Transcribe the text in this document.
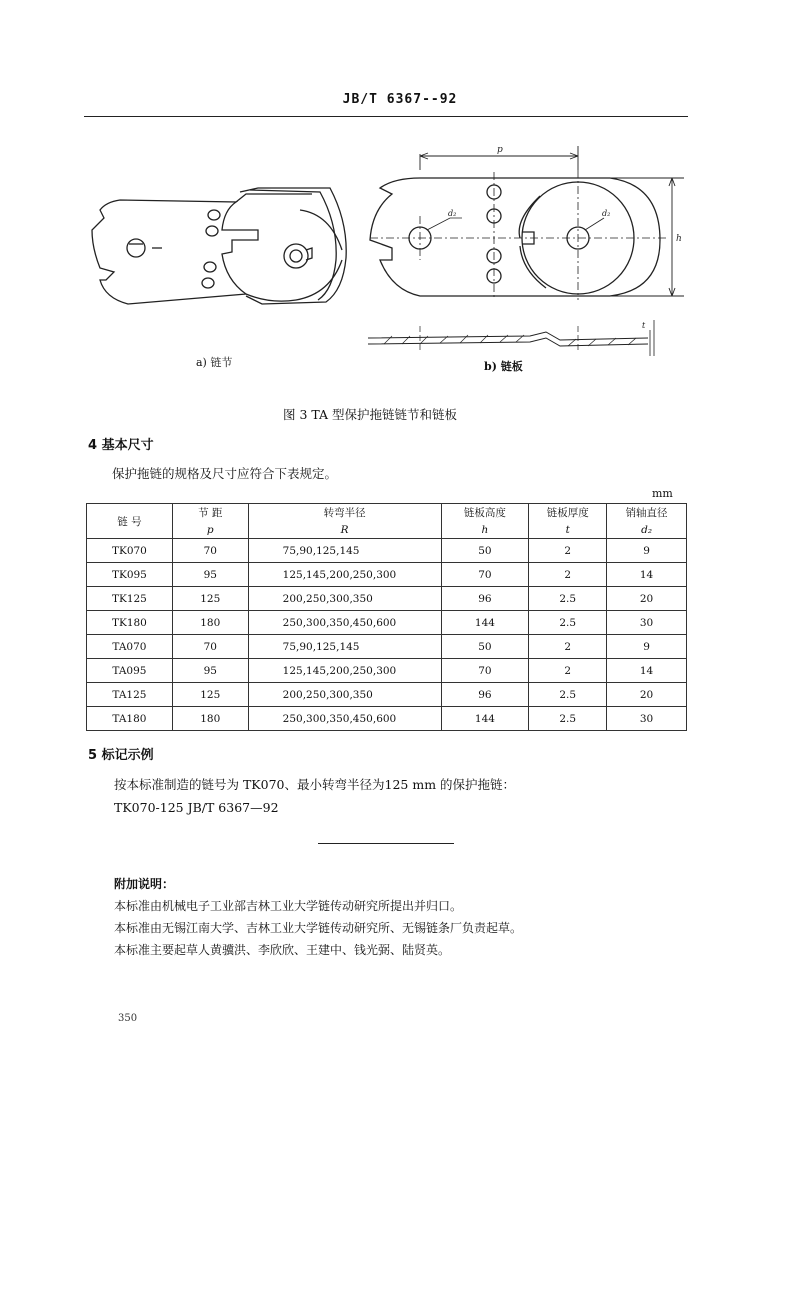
JB/T 6367--92
p
h
t
d₂	d₂
a) 链节	b) 链板
图 3 TA 型保护拖链链节和链板
4 基本尺寸
保护拖链的规格及尺寸应符合下表规定。
mm
链 号	节 距	转弯半径	链板高度	链板厚度	销轴直径
	p	R	h	t	d₂
TK070	70	75,90,125,145	50	2	9
TK095	95	125,145,200,250,300	70	2	14
TK125	125	200,250,300,350	96	2.5	20
TK180	180	250,300,350,450,600	144	2.5	30
TA070	70	75,90,125,145	50	2	9
TA095	95	125,145,200,250,300	70	2	14
TA125	125	200,250,300,350	96	2.5	20
TA180	180	250,300,350,450,600	144	2.5	30
5 标记示例
按本标准制造的链号为 TK070、最小转弯半径为125 mm 的保护拖链：
TK070-125 JB/T 6367—92
附加说明：
本标准由机械电子工业部吉林工业大学链传动研究所提出并归口。
本标准由无锡江南大学、吉林工业大学链传动研究所、无锡链条厂负责起草。
本标准主要起草人黄骥洪、李欣欣、王建中、钱光弼、陆贤英。
350
